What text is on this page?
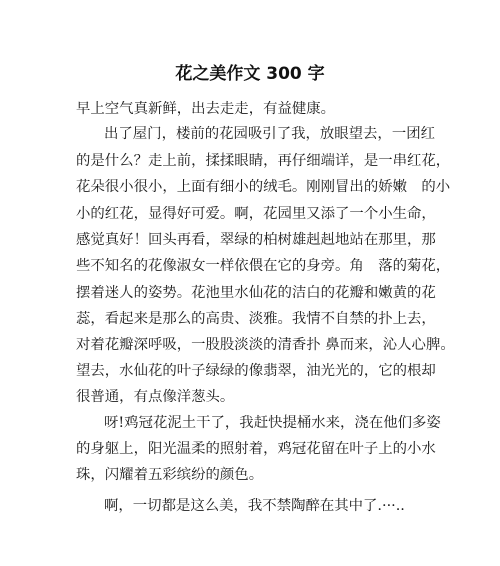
花之美作文 300 字
早上空气真新鲜，出去走走，有益健康。
出了屋门，楼前的花园吸引了我，放眼望去，一团红
的是什么？走上前，揉揉眼睛，再仔细端详，是一串红花，
花朵很小很小，上面有细小的绒毛。刚刚冒出的娇嫩　的小
小的红花，显得好可爱。啊，花园里又添了一个小生命，
感觉真好！回头再看，翠绿的柏树雄赳赳地站在那里，那
些不知名的花像淑女一样依偎在它的身旁。角　落的菊花，
摆着迷人的姿势。花池里水仙花的洁白的花瓣和嫩黄的花
蕊，看起来是那么的高贵、淡雅。我情不自禁的扑上去，
对着花瓣深呼吸，一股股淡淡的清香扑 鼻而来，沁人心脾。
望去，水仙花的叶子绿绿的像翡翠，油光光的，它的根却
很普通，有点像洋葱头。
呀!鸡冠花泥土干了，我赶快提桶水来，浇在他们多姿
的身躯上，阳光温柔的照射着，鸡冠花留在叶子上的小水
珠，闪耀着五彩缤纷的颜色。
啊，一切都是这么美，我不禁陶醉在其中了.···..
